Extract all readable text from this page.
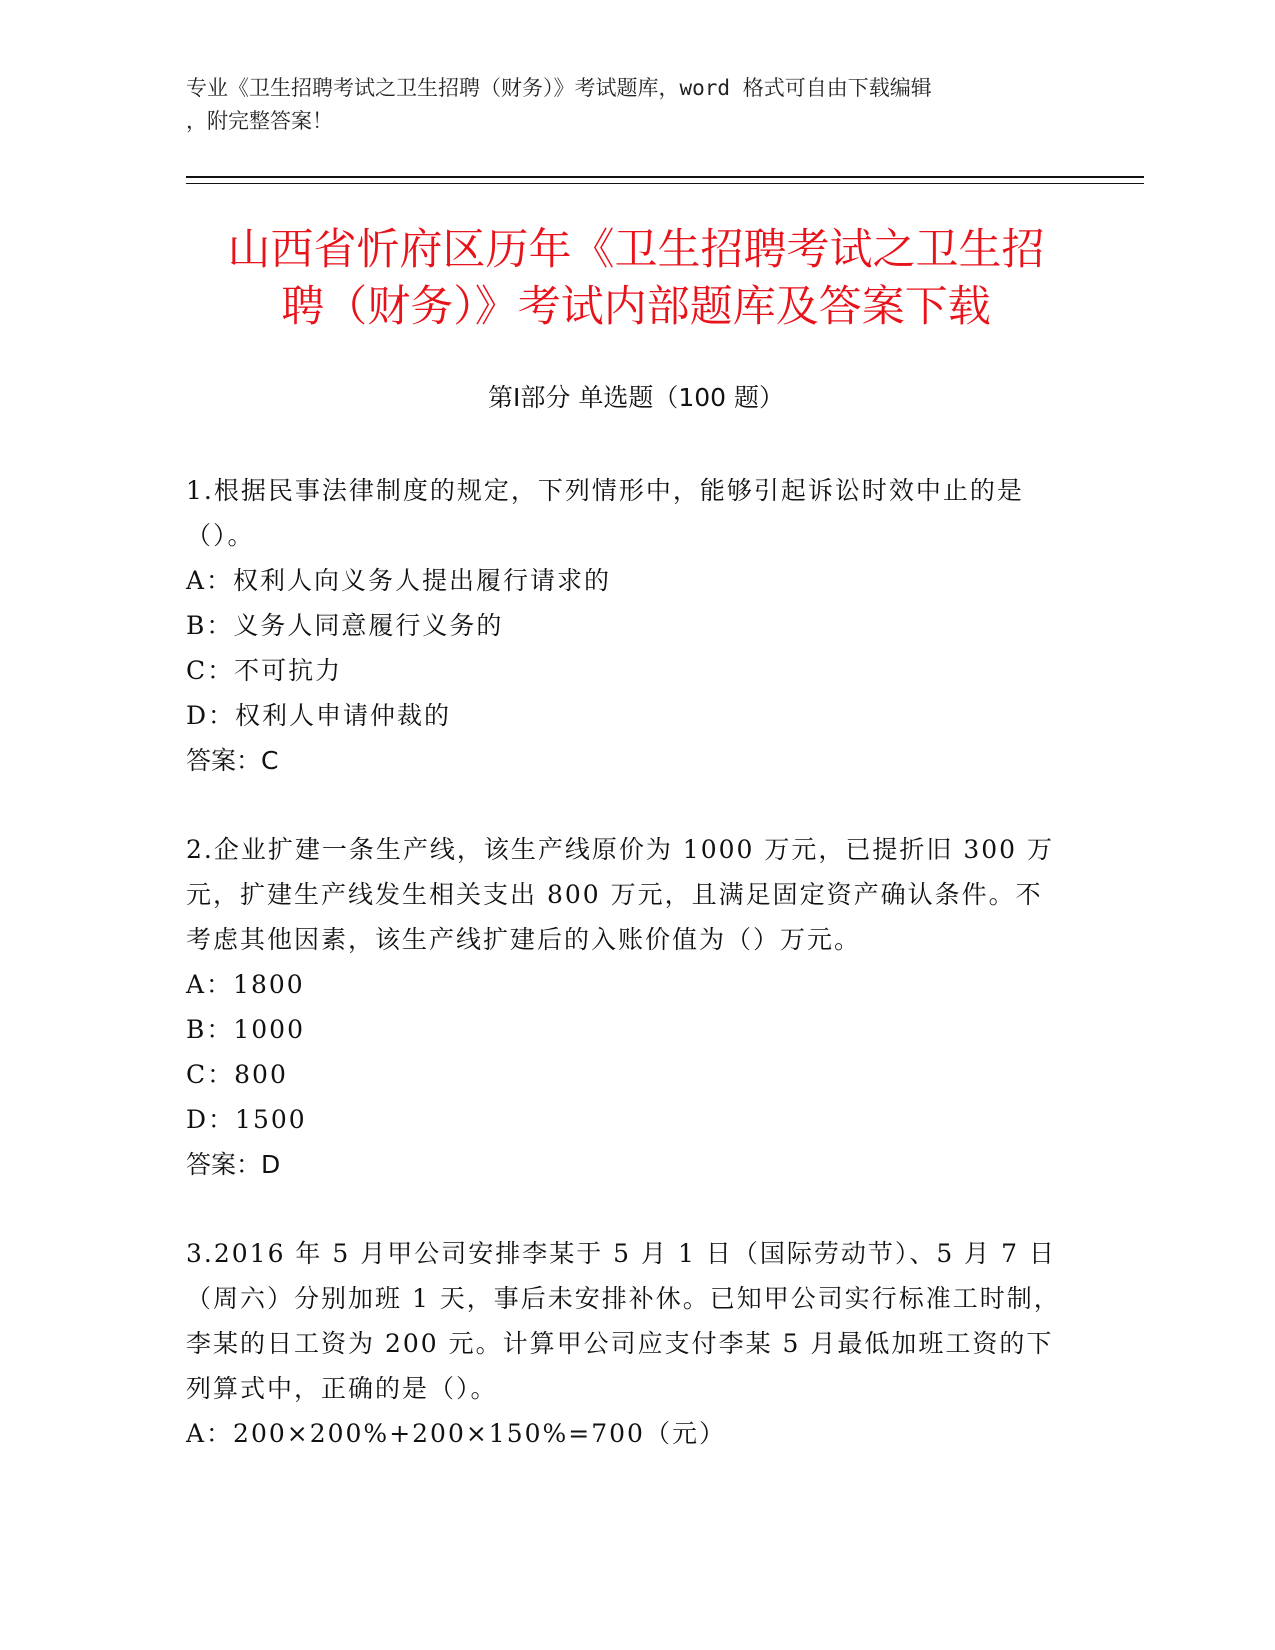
专业《卫生招聘考试之卫生招聘（财务）》考试题库，word 格式可自由下载编辑
，附完整答案！
山西省忻府区历年《卫生招聘考试之卫生招
聘（财务）》考试内部题库及答案下载
第Ⅰ部分 单选题（100 题）
1.根据民事法律制度的规定，下列情形中，能够引起诉讼时效中止的是（）。
A：权利人向义务人提出履行请求的
B：义务人同意履行义务的
C：不可抗力
D：权利人申请仲裁的
答案：C
2.企业扩建一条生产线，该生产线原价为 1000 万元，已提折旧 300 万元，扩建生产线发生相关支出 800 万元，且满足固定资产确认条件。不考虑其他因素，该生产线扩建后的入账价值为（）万元。
A：1800
B：1000
C：800
D：1500
答案：D
3.2016 年 5 月甲公司安排李某于 5 月 1 日（国际劳动节）、5 月 7 日（周六）分别加班 1 天，事后未安排补休。已知甲公司实行标准工时制，李某的日工资为 200 元。计算甲公司应支付李某 5 月最低加班工资的下列算式中，正确的是（）。
A：200×200%+200×150%=700（元）
